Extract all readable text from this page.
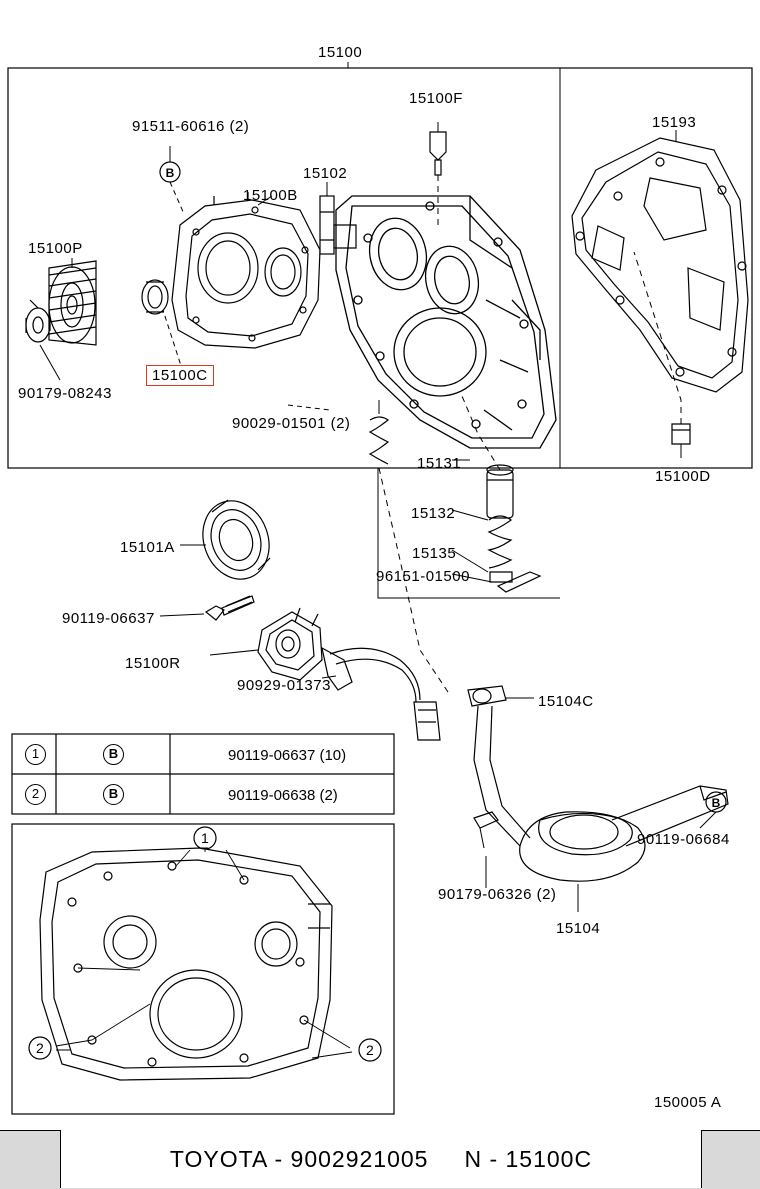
B
B
15100
15100F
15193
91511-60616 (2)
15102
15100B
15100P
90179-08243
15100C
90029-01501 (2)
15131
15100D
15132
15101A	15135
96151-01500
90119-06637
15100R
90929-01373
15104C
90119-06684
90179-06326 (2)
15104
150005 A
1	B	90119-06637 (10)
2	B	90119-06638 (2)
1
2	2
TOYOTA - 9002921005 N - 15100C
